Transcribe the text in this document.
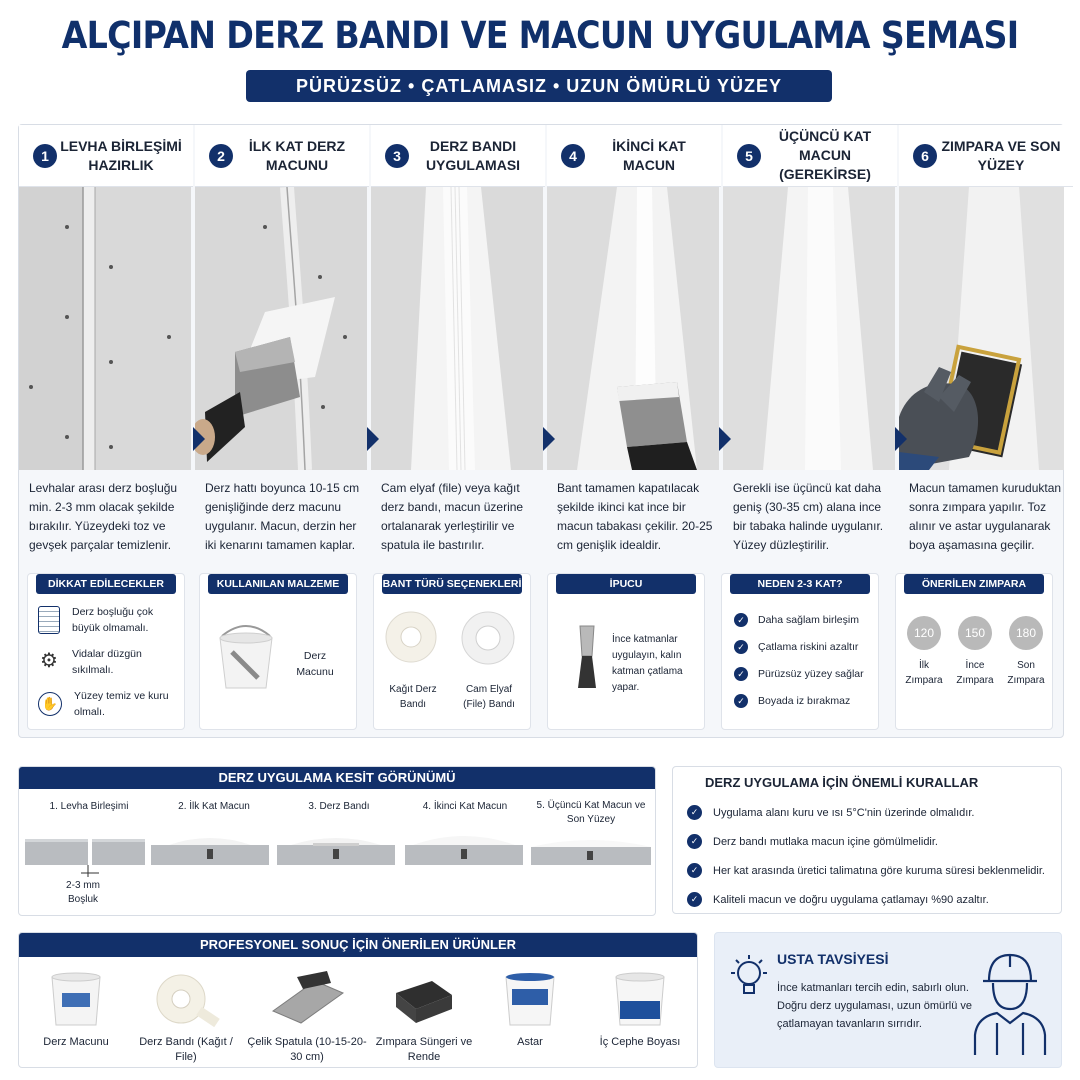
ALÇIPAN DERZ BANDI VE MACUN UYGULAMA ŞEMASI
PÜRÜZSÜZ • ÇATLAMASIZ • UZUN ÖMÜRLÜ YÜZEY
1
LEVHA BİRLEŞİMİ HAZIRLIK
Levhalar arası derz boşluğu min. 2-3 mm olacak şekilde bırakılır. Yüzeydeki toz ve gevşek parçalar temizlenir.
2
İLK KAT DERZ MACUNU
Derz hattı boyunca 10-15 cm genişliğinde derz macunu uygulanır. Macun, derzin her iki kenarını tamamen kaplar.
3
DERZ BANDI UYGULAMASI
Cam elyaf (file) veya kağıt derz bandı, macun üzerine ortalanarak yerleştirilir ve spatula ile bastırılır.
4
İKİNCİ KAT MACUN
Bant tamamen kapatılacak şekilde ikinci kat ince bir macun tabakası çekilir. 20-25 cm genişlik idealdir.
5
ÜÇÜNCÜ KAT MACUN (GEREKİRSE)
Gerekli ise üçüncü kat daha geniş (30-35 cm) alana ince bir tabaka halinde uygulanır. Yüzey düzleştirilir.
6
ZIMPARA VE SON YÜZEY
Macun tamamen kuruduktan sonra zımpara yapılır. Toz alınır ve astar uygulanarak boya aşamasına geçilir.
DİKKAT EDİLECEKLER
Derz boşluğu çok büyük olmamalı.
⚙ Vidalar düzgün sıkılmalı.
✋	Yüzey temiz ve kuru olmalı.
KULLANILAN MALZEME
Derz Macunu
BANT TÜRÜ SEÇENEKLERİ
Kağıt Derz Bandı
Cam Elyaf (File) Bandı
İPUCU
İnce katmanlar uygulayın, kalın katman çatlama yapar.
NEDEN 2-3 KAT?
✓	Daha sağlam birleşim
✓	Çatlama riskini azaltır
✓	Pürüzsüz yüzey sağlar
✓	Boyada iz bırakmaz
ÖNERİLEN ZIMPARA
120
İlk Zımpara
150
İnce Zımpara
180
Son Zımpara
DERZ UYGULAMA KESİT GÖRÜNÜMÜ
1. Levha Birleşimi	2. İlk Kat Macun	3. Derz Bandı	4. İkinci Kat Macun	5. Üçüncü Kat Macun ve Son Yüzey
2-3 mm Boşluk
DERZ UYGULAMA İÇİN ÖNEMLİ KURALLAR
✓	Uygulama alanı kuru ve ısı 5°C'nin üzerinde olmalıdır.
✓	Derz bandı mutlaka macun içine gömülmelidir.
✓	Her kat arasında üretici talimatına göre kuruma süresi beklenmelidir.
✓	Kaliteli macun ve doğru uygulama çatlamayı %90 azaltır.
PROFESYONEL SONUÇ İÇİN ÖNERİLEN ÜRÜNLER
Derz Macunu	Derz Bandı (Kağıt / File)
Çelik Spatula (10-15-20-30 cm)
Zımpara Süngeri ve Rende
Astar	İç Cephe Boyası
USTA TAVSİYESİ
İnce katmanları tercih edin, sabırlı olun. Doğru derz uygulaması, uzun ömürlü ve çatlamayan tavanların sırrıdır.
